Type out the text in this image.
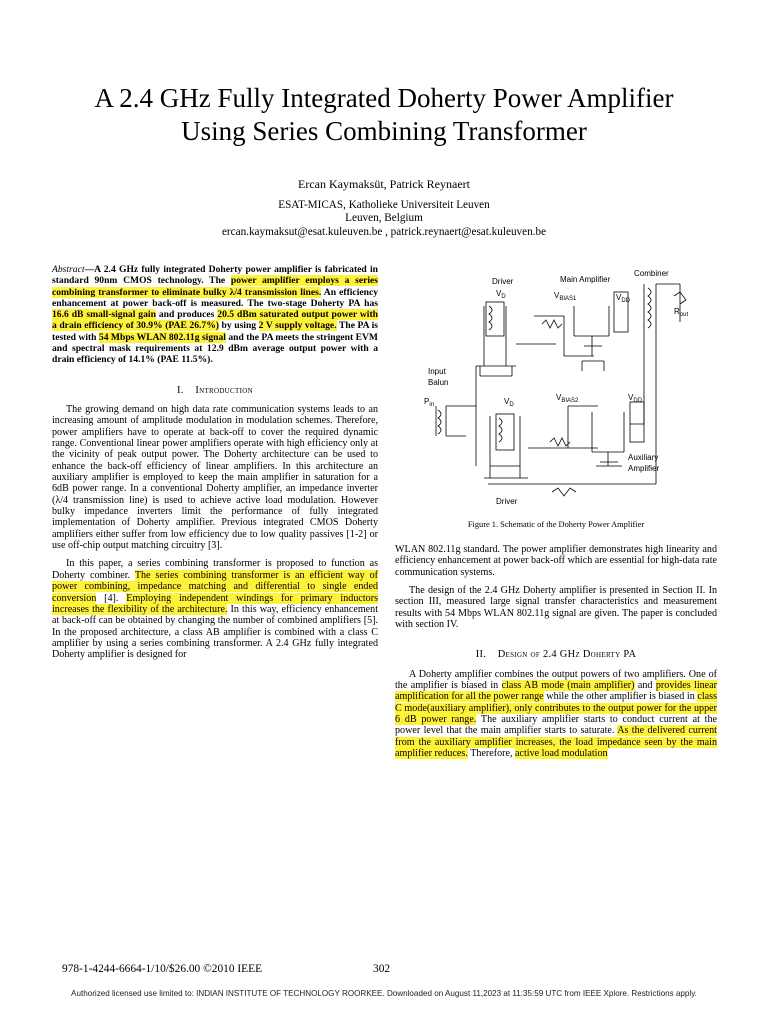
A 2.4 GHz Fully Integrated Doherty Power Amplifier
Using Series Combining Transformer
Ercan Kaymaksüt, Patrick Reynaert
ESAT-MICAS, Katholieke Universiteit Leuven
Leuven, Belgium
ercan.kaymaksut@esat.kuleuven.be , patrick.reynaert@esat.kuleuven.be

Abstract—A 2.4 GHz fully integrated Doherty power amplifier is fabricated in standard 90nm CMOS technology. The power amplifier employs a series combining transformer to eliminate bulky λ/4 transmission lines. An efficiency enhancement at power back-off is measured. The two-stage Doherty PA has 16.6 dB small-signal gain and produces 20.5 dBm saturated output power with a drain efficiency of 30.9% (PAE 26.7%) by using 2 V supply voltage. The PA is tested with 54 Mbps WLAN 802.11g signal and the PA meets the stringent EVM and spectral mask requirements at 12.9 dBm average output power with a drain efficiency of 14.1% (PAE 11.5%).

I. Introduction

The growing demand on high data rate communication systems leads to an increasing amount of amplitude modulation in modulation schemes. Therefore, power amplifiers have to operate at back-off to cover the required dynamic range. Conventional linear power amplifiers operate with high efficiency only at the vicinity of peak output power. The Doherty architecture can be used to enhance the back-off efficiency of linear amplifiers. In this architecture an auxiliary amplifier is employed to keep the main amplifier in saturation for a 6dB power range. In a conventional Doherty amplifier, an impedance inverter (λ/4 transmission line) is used to achieve active load modulation. However bulky impedance inverters limit the performance of fully integrated implementation of Doherty amplifier. Previous integrated CMOS Doherty amplifiers either suffer from low efficiency due to low quality passives [1-2] or use off-chip output matching circuitry [3].

In this paper, a series combining transformer is proposed to function as Doherty combiner. The series combining transformer is an efficient way of power combining, impedance matching and differential to single ended conversion [4]. Employing independent windings for primary inductors increases the flexibility of the architecture. In this way, efficiency enhancement at back-off can be obtained by changing the number of combined amplifiers [5]. In the proposed architecture, a class AB amplifier is combined with a class C amplifier by using a series combining transformer. A 2.4 GHz fully integrated Doherty amplifier is designed for

Driver	Main Amplifier
Combiner
$R_{out}$
$V_{BIAS1}$	$V_{DD}$
$V_D$
Input
Balun
$P_{in}$	$V_D$
$V_{BIAS2}$	$V_{DD}$
Auxiliary
Amplifier
Driver
Figure 1. Schematic of the Doherty Power Amplifier

WLAN 802.11g standard. The power amplifier demonstrates high linearity and efficiency enhancement at power back-off which are essential for high-data rate communication systems.

The design of the 2.4 GHz Doherty amplifier is presented in Section II. In section III, measured large signal transfer characteristics and measurement results with 54 Mbps WLAN 802.11g signal are given. The paper is concluded with section IV.

II. Design of 2.4 GHz Doherty PA

A Doherty amplifier combines the output powers of two amplifiers. One of the amplifier is biased in class AB mode (main amplifier) and provides linear amplification for all the power range while the other amplifier is biased in class C mode(auxiliary amplifier), only contributes to the output power for the upper 6 dB power range. The auxiliary amplifier starts to conduct current at the power level that the main amplifier starts to saturate. As the delivered current from the auxiliary amplifier increases, the load impedance seen by the main amplifier reduces. Therefore, active load modulation

978-1-4244-6664-1/10/$26.00 ©2010 IEEE	302
Authorized licensed use limited to: INDIAN INSTITUTE OF TECHNOLOGY ROORKEE. Downloaded on August 11,2023 at 11:35:59 UTC from IEEE Xplore. Restrictions apply.
